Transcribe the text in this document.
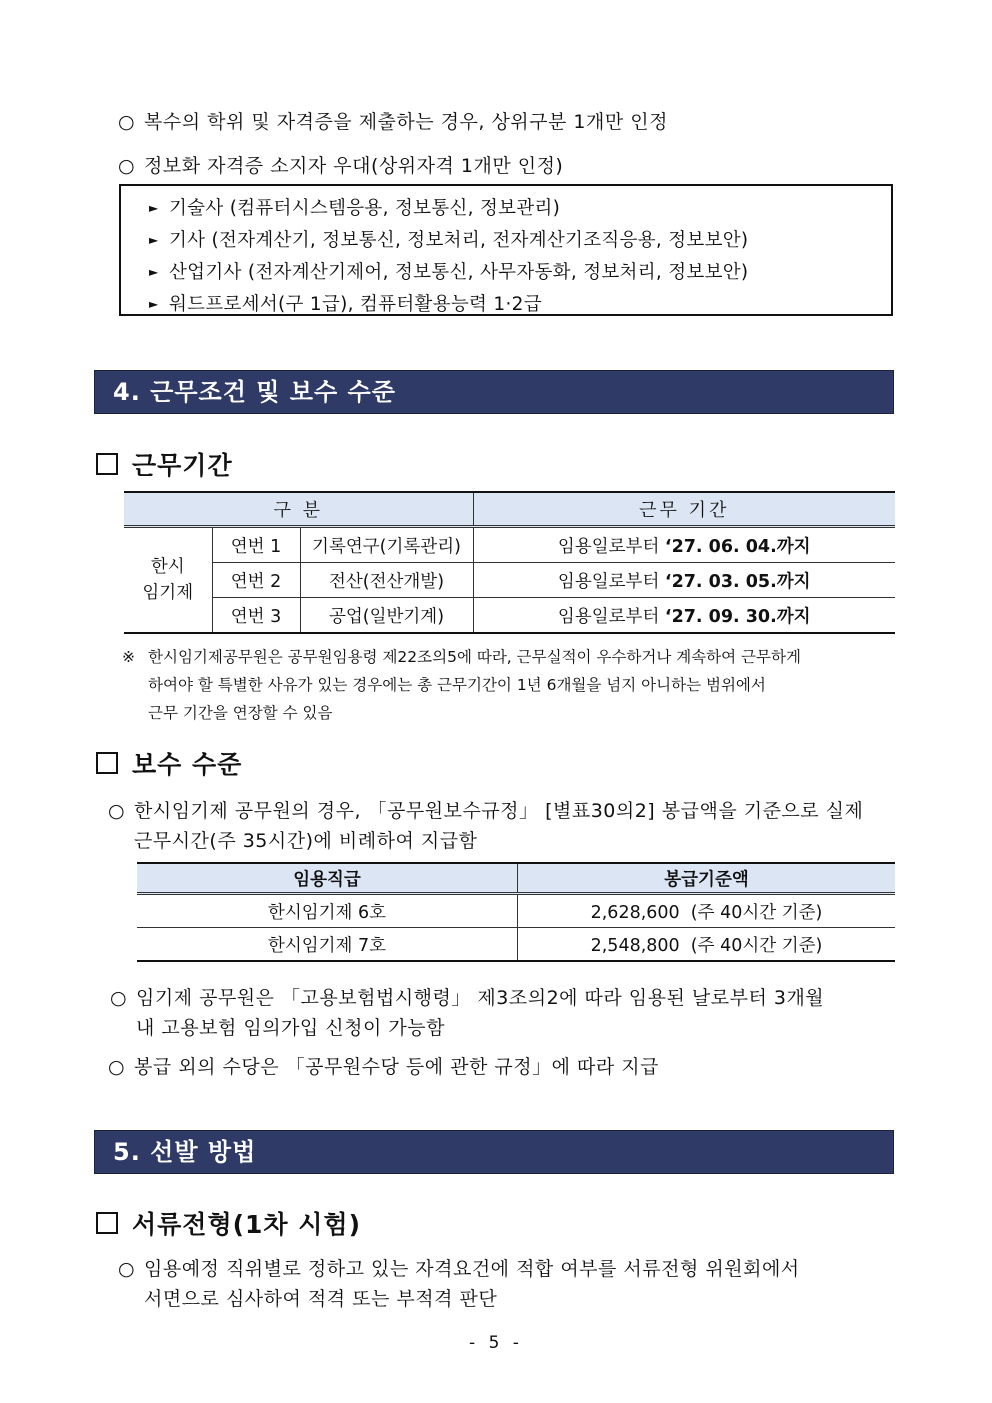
○ 복수의 학위 및 자격증을 제출하는 경우, 상위구분 1개만 인정
○ 정보화 자격증 소지자 우대(상위자격 1개만 인정)
► 기술사 (컴퓨터시스템응용, 정보통신, 정보관리)
► 기사 (전자계산기, 정보통신, 정보처리, 전자계산기조직응용, 정보보안)
► 산업기사 (전자계산기제어, 정보통신, 사무자동화, 정보처리, 정보보안)
► 워드프로세서(구 1급), 컴퓨터활용능력 1·2급
4. 근무조건 및 보수 수준
근무기간
구 분			근무 기간
한시
임기제	연번 1	기록연구(기록관리)	임용일로부터 ‘27. 06. 04.까지
	연번 2	전산(전산개발)	임용일로부터 ‘27. 03. 05.까지
	연번 3	공업(일반기계)	임용일로부터 ‘27. 09. 30.까지
※ 한시임기제공무원은 공무원임용령 제22조의5에 따라, 근무실적이 우수하거나 계속하여 근무하게
하여야 할 특별한 사유가 있는 경우에는 총 근무기간이 1년 6개월을 넘지 아니하는 범위에서
근무 기간을 연장할 수 있음
보수 수준
○ 한시임기제 공무원의 경우, 「공무원보수규정」 [별표30의2] 봉급액을 기준으로 실제
근무시간(주 35시간)에 비례하여 지급함
임용직급	봉급기준액
한시임기제 6호	2,628,600  (주 40시간 기준)
한시임기제 7호	2,548,800  (주 40시간 기준)
○ 임기제 공무원은 「고용보험법시행령」 제3조의2에 따라 임용된 날로부터 3개월
내 고용보험 임의가입 신청이 가능함
○ 봉급 외의 수당은 「공무원수당 등에 관한 규정」에 따라 지급
5. 선발 방법
서류전형(1차 시험)
○ 임용예정 직위별로 정하고 있는 자격요건에 적합 여부를 서류전형 위원회에서
서면으로 심사하여 적격 또는 부적격 판단
- 5 -
